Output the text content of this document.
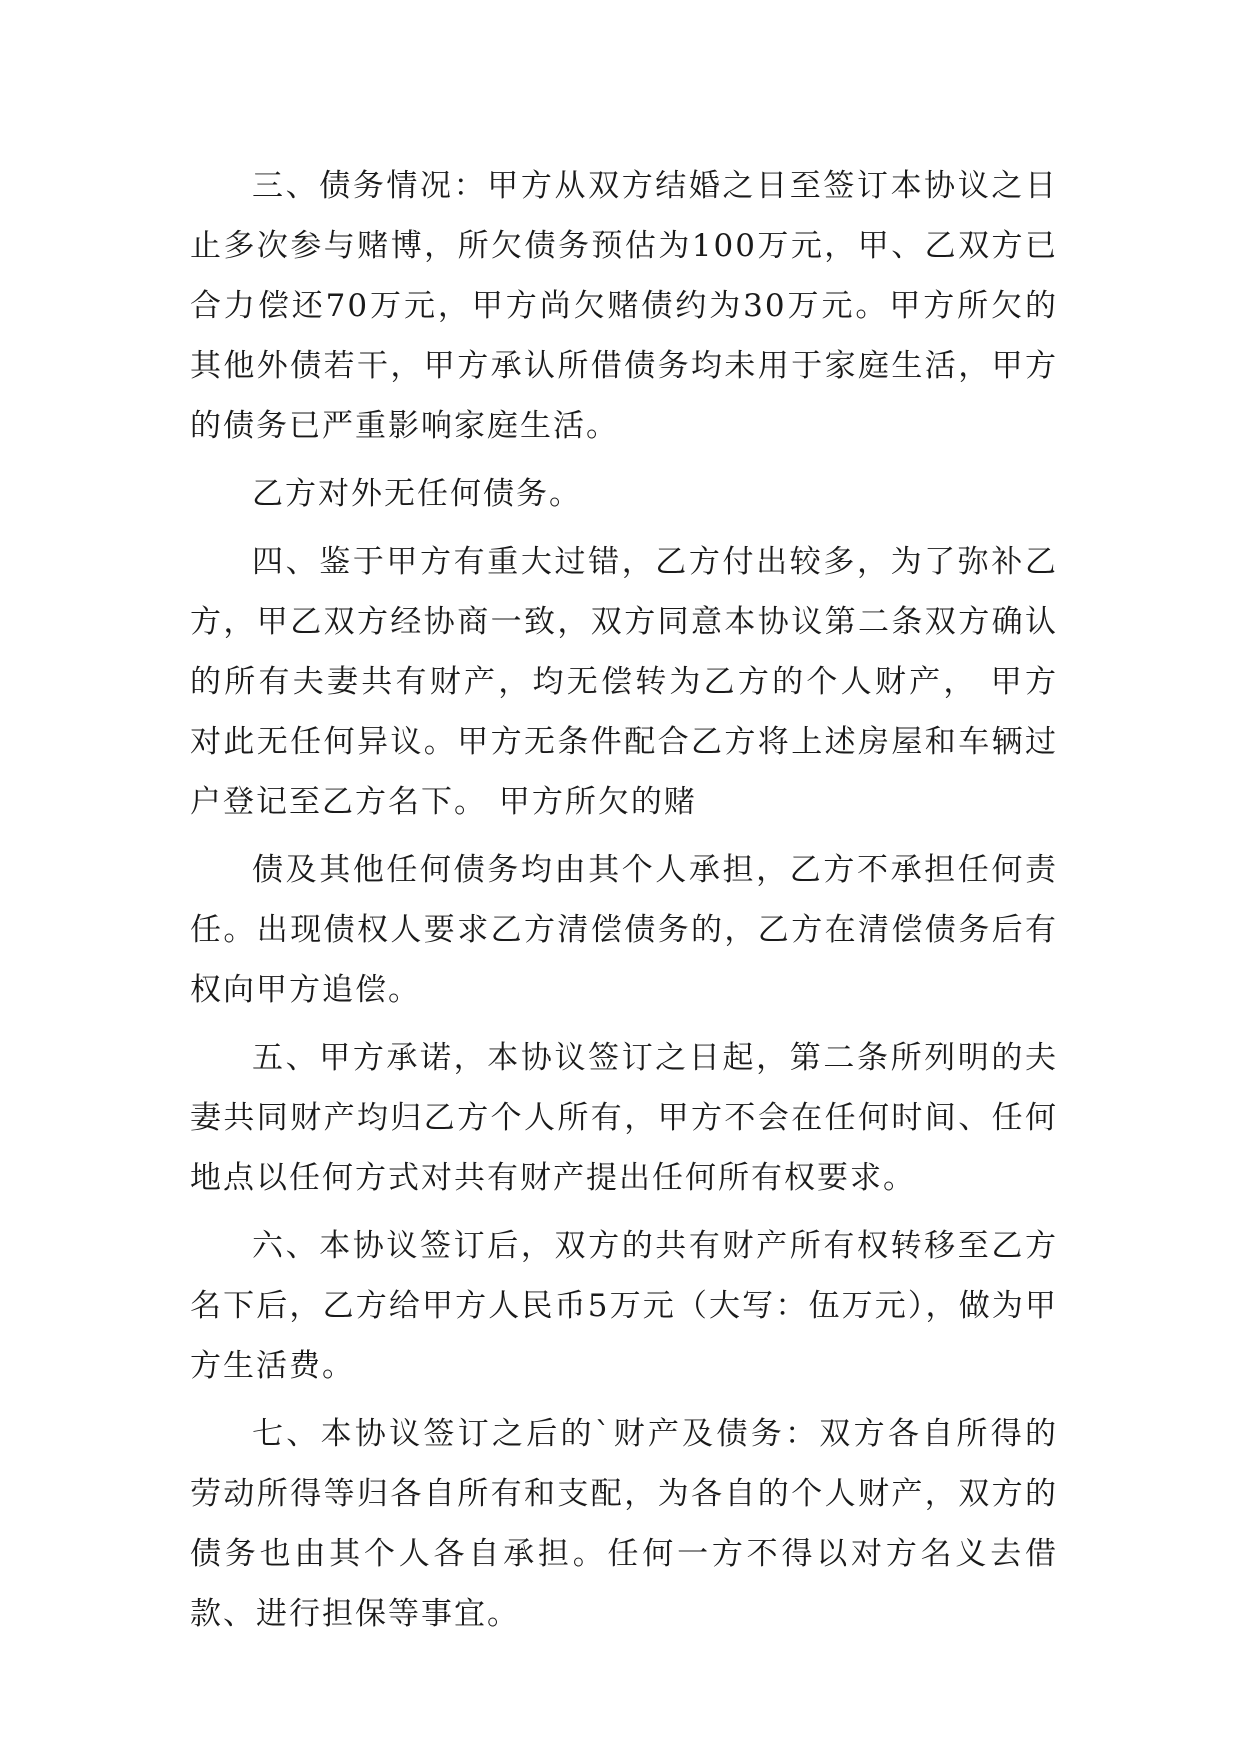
三、债务情况：甲方从双方结婚之日至签订本协议之日止多次参与赌博，所欠债务预估为100万元，甲、乙双方已合力偿还70万元，甲方尚欠赌债约为30万元。甲方所欠的其他外债若干，甲方承认所借债务均未用于家庭生活，甲方的债务已严重影响家庭生活。

乙方对外无任何债务。

四、鉴于甲方有重大过错，乙方付出较多，为了弥补乙方，甲乙双方经协商一致，双方同意本协议第二条双方确认的所有夫妻共有财产，均无偿转为乙方的个人财产， 甲方对此无任何异议。甲方无条件配合乙方将上述房屋和车辆过户登记至乙方名下。 甲方所欠的赌

债及其他任何债务均由其个人承担，乙方不承担任何责任。出现债权人要求乙方清偿债务的，乙方在清偿债务后有权向甲方追偿。

五、甲方承诺，本协议签订之日起，第二条所列明的夫妻共同财产均归乙方个人所有，甲方不会在任何时间、任何地点以任何方式对共有财产提出任何所有权要求。

六、本协议签订后，双方的共有财产所有权转移至乙方名下后，乙方给甲方人民币5万元（大写：伍万元），做为甲方生活费。

七、本协议签订之后的`财产及债务：双方各自所得的劳动所得等归各自所有和支配，为各自的个人财产，双方的债务也由其个人各自承担。任何一方不得以对方名义去借款、进行担保等事宜。
